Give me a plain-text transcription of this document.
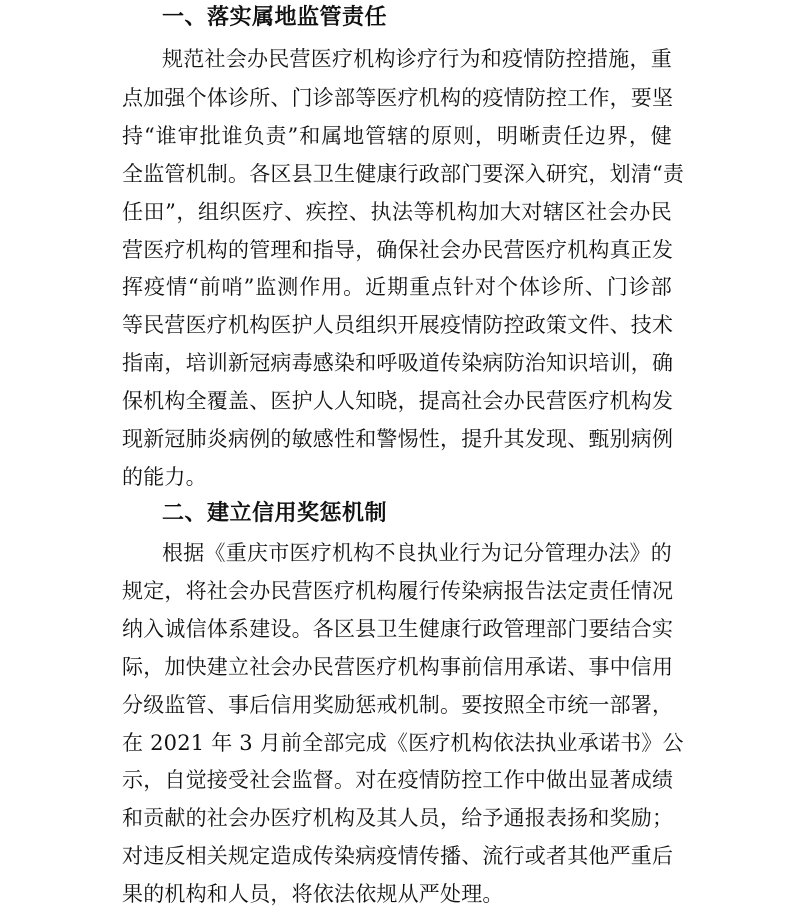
一、落实属地监管责任
规范社会办民营医疗机构诊疗行为和疫情防控措施，重
点加强个体诊所、门诊部等医疗机构的疫情防控工作，要坚
持“谁审批谁负责”和属地管辖的原则，明晰责任边界，健
全监管机制。各区县卫生健康行政部门要深入研究，划清“责
任田”，组织医疗、疾控、执法等机构加大对辖区社会办民
营医疗机构的管理和指导，确保社会办民营医疗机构真正发
挥疫情“前哨”监测作用。近期重点针对个体诊所、门诊部
等民营医疗机构医护人员组织开展疫情防控政策文件、技术
指南，培训新冠病毒感染和呼吸道传染病防治知识培训，确
保机构全覆盖、医护人人知晓，提高社会办民营医疗机构发
现新冠肺炎病例的敏感性和警惕性，提升其发现、甄别病例
的能力。
二、建立信用奖惩机制
根据《重庆市医疗机构不良执业行为记分管理办法》的
规定，将社会办民营医疗机构履行传染病报告法定责任情况
纳入诚信体系建设。各区县卫生健康行政管理部门要结合实
际，加快建立社会办民营医疗机构事前信用承诺、事中信用
分级监管、事后信用奖励惩戒机制。要按照全市统一部署，
在 2021 年 3 月前全部完成《医疗机构依法执业承诺书》公
示，自觉接受社会监督。对在疫情防控工作中做出显著成绩
和贡献的社会办医疗机构及其人员，给予通报表扬和奖励；
对违反相关规定造成传染病疫情传播、流行或者其他严重后
果的机构和人员，将依法依规从严处理。
